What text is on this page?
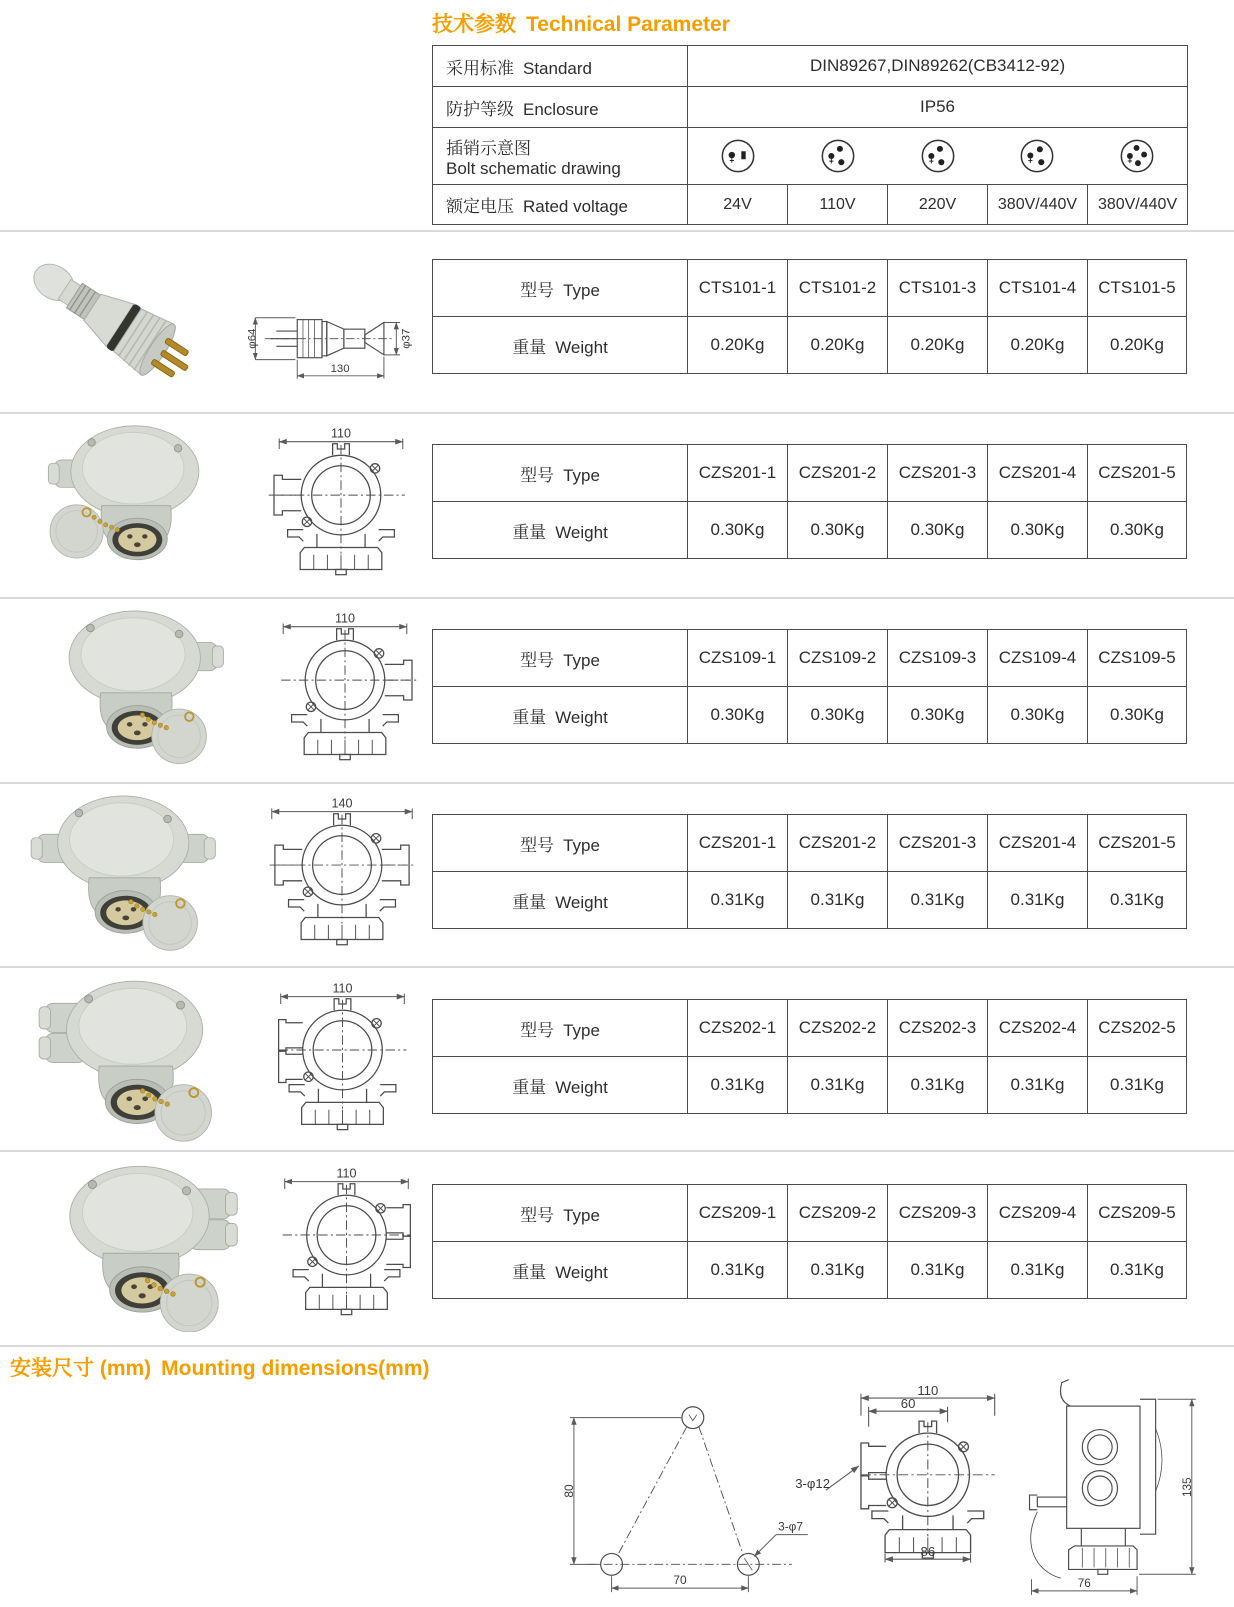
技术参数 Technical Parameter
采用标准 Standard	DIN89267,DIN89262(CB3412-92)				
防护等级 Enclosure	IP56				

插销示意图
Bolt schematic drawing

额定电压 Rated voltage	24V	110V	220V	380V/440V	380V/440V
φ64	φ37
130
型号 Type	CTS101-1	CTS101-2	CTS101-3	CTS101-4	CTS101-5
重量 Weight	0.20Kg	0.20Kg	0.20Kg	0.20Kg	0.20Kg
110
型号 Type	CZS201-1	CZS201-2	CZS201-3	CZS201-4	CZS201-5
重量 Weight	0.30Kg	0.30Kg	0.30Kg	0.30Kg	0.30Kg
110
型号 Type	CZS109-1	CZS109-2	CZS109-3	CZS109-4	CZS109-5
重量 Weight	0.30Kg	0.30Kg	0.30Kg	0.30Kg	0.30Kg
140
型号 Type	CZS201-1	CZS201-2	CZS201-3	CZS201-4	CZS201-5
重量 Weight	0.31Kg	0.31Kg	0.31Kg	0.31Kg	0.31Kg
110
型号 Type	CZS202-1	CZS202-2	CZS202-3	CZS202-4	CZS202-5
重量 Weight	0.31Kg	0.31Kg	0.31Kg	0.31Kg	0.31Kg
110
型号 Type	CZS209-1	CZS209-2	CZS209-3	CZS209-4	CZS209-5
重量 Weight	0.31Kg	0.31Kg	0.31Kg	0.31Kg	0.31Kg
安装尺寸 (mm) Mounting dimensions(mm)
80
70
3-φ7
110
60
3-φ12
86
135
76
